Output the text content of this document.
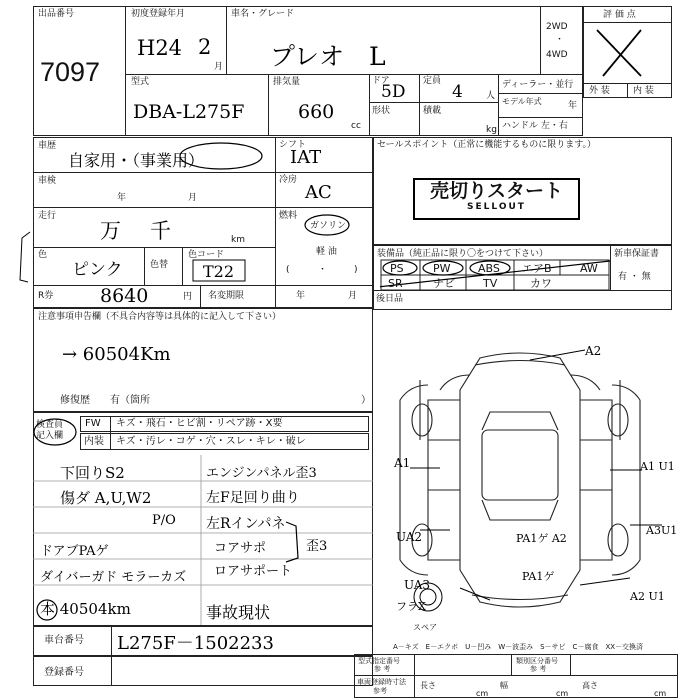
出品番号
7097
初度登録年月
H24 2
月
車名・グレード
プレオ　L
2WD
・
4WD
型式
DBA-L275F
排気量
660
cc
ドア
5D
定員
4	人
形状	積載
kg
ディーラー・並行
モデル年式	年
ハンドル 左・右
評 価 点
外 装	内 装
車歴
自家用・（事業用）
車検
年	月
走行
万 千	km
色
ピンク	色替
色コード
T22
R券 8640	円 名変期限	年	月
シフト
IAT
冷房
AC
燃料
ガソリン
軽 油
(	・	)
セールスポイント（正常に機能するものに限ります。）
売切りスタート
SELLOUT
装備品（純正品に限り〇をつけて下さい）	新車保証書
有 ・ 無
後日品
PS	PW ABS エアB	AW
SR	ナビ	TV	カワ
注意事項申告欄（不具合内容等は具体的に記入して下さい）
→ 60504Km
修復歴　　有（箇所	）
検査員記入欄
FW キズ・飛石・ヒビ割・リペア跡・X要
内装 キズ・汚レ・コゲ・穴・スレ・キレ・破レ
下回りS2
傷ダ A,U,W2
P/O
ドアブPAゲ
ダイバーガド モラーカズ
本 40504km
エンジンパネル歪3
左F足回り曲り
左Rインパネ
コアサポ	歪3
ロアサポート
事故現状
A2
A1
UA2	PA1ゲ A2
PA1ゲ
UA3
フラX
スペア
A3U1
A2 U1
A1 U1
車台番号 L275F－1502233
登録番号
A－キズ　E－エクボ　U－凹み　W－波歪み　S－サビ　C－腐食　XX－交換済
型式指定番号
参 考
類別区分番号
参 考
車両登録時寸法
参考
長さ
cm
幅
cm
高さ
cm
